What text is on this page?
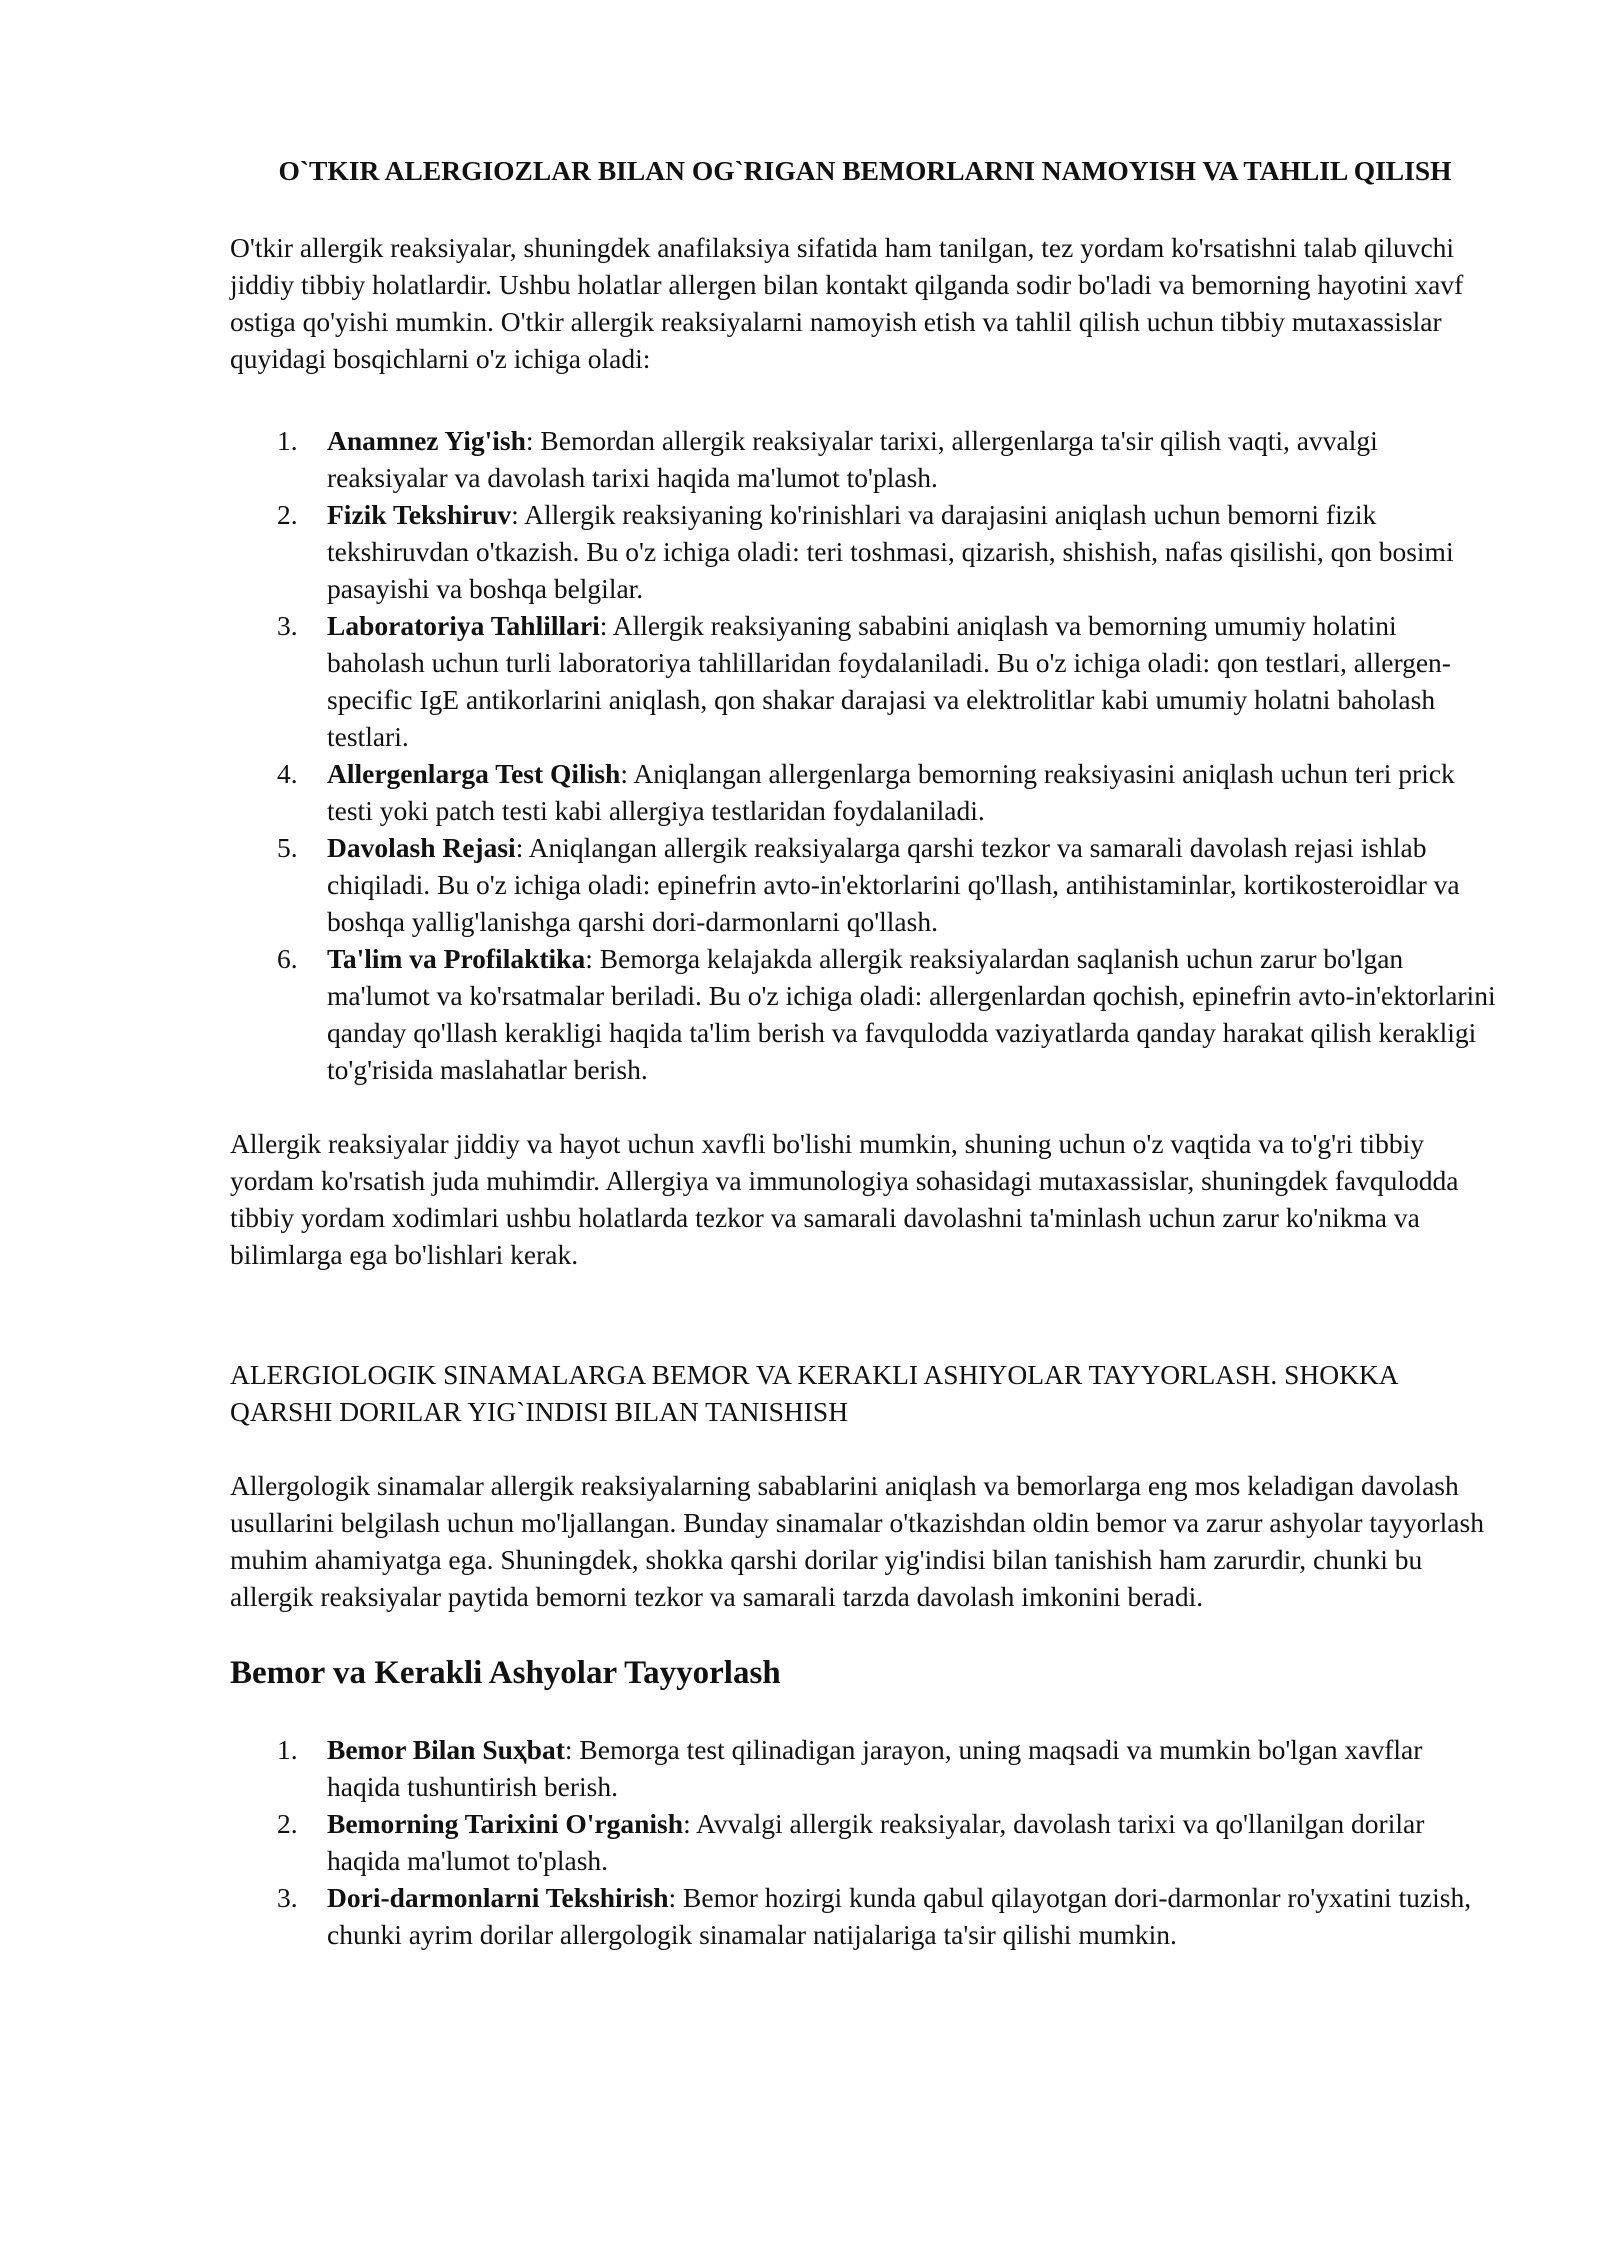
O`TKIR ALERGIOZLAR BILAN OG`RIGAN BEMORLARNI NAMOYISH VA TAHLIL QILISH

O'tkir allergik reaksiyalar, shuningdek anafilaksiya sifatida ham tanilgan, tez yordam ko'rsatishni talab qiluvchi jiddiy tibbiy holatlardir. Ushbu holatlar allergen bilan kontakt qilganda sodir bo'ladi va bemorning hayotini xavf ostiga qo'yishi mumkin. O'tkir allergik reaksiyalarni namoyish etish va tahlil qilish uchun tibbiy mutaxassislar quyidagi bosqichlarni o'z ichiga oladi:

1. Anamnez Yig'ish: Bemordan allergik reaksiyalar tarixi, allergenlarga ta'sir qilish vaqti, avvalgi reaksiyalar va davolash tarixi haqida ma'lumot to'plash.
2. Fizik Tekshiruv: Allergik reaksiyaning ko'rinishlari va darajasini aniqlash uchun bemorni fizik tekshiruvdan o'tkazish. Bu o'z ichiga oladi: teri toshmasi, qizarish, shishish, nafas qisilishi, qon bosimi pasayishi va boshqa belgilar.
3. Laboratoriya Tahlillari: Allergik reaksiyaning sababini aniqlash va bemorning umumiy holatini baholash uchun turli laboratoriya tahlillaridan foydalaniladi. Bu o'z ichiga oladi: qon testlari, allergen-specific IgE antikorlarini aniqlash, qon shakar darajasi va elektrolitlar kabi umumiy holatni baholash testlari.
4. Allergenlarga Test Qilish: Aniqlangan allergenlarga bemorning reaksiyasini aniqlash uchun teri prick testi yoki patch testi kabi allergiya testlaridan foydalaniladi.
5. Davolash Rejasi: Aniqlangan allergik reaksiyalarga qarshi tezkor va samarali davolash rejasi ishlab chiqiladi. Bu o'z ichiga oladi: epinefrin avto-in'ektorlarini qo'llash, antihistaminlar, kortikosteroidlar va boshqa yallig'lanishga qarshi dori-darmonlarni qo'llash.
6. Ta'lim va Profilaktika: Bemorga kelajakda allergik reaksiyalardan saqlanish uchun zarur bo'lgan ma'lumot va ko'rsatmalar beriladi. Bu o'z ichiga oladi: allergenlardan qochish, epinefrin avto-in'ektorlarini qanday qo'llash kerakligi haqida ta'lim berish va favqulodda vaziyatlarda qanday harakat qilish kerakligi to'g'risida maslahatlar berish.

Allergik reaksiyalar jiddiy va hayot uchun xavfli bo'lishi mumkin, shuning uchun o'z vaqtida va to'g'ri tibbiy yordam ko'rsatish juda muhimdir. Allergiya va immunologiya sohasidagi mutaxassislar, shuningdek favqulodda tibbiy yordam xodimlari ushbu holatlarda tezkor va samarali davolashni ta'minlash uchun zarur ko'nikma va bilimlarga ega bo'lishlari kerak.

ALERGIOLOGIK SINAMALARGA BEMOR VA KERAKLI ASHIYOLAR TAYYORLASH. SHOKKA QARSHI DORILAR YIG`INDISI BILAN TANISHISH

Allergologik sinamalar allergik reaksiyalarning sabablarini aniqlash va bemorlarga eng mos keladigan davolash usullarini belgilash uchun mo'ljallangan. Bunday sinamalar o'tkazishdan oldin bemor va zarur ashyolar tayyorlash muhim ahamiyatga ega. Shuningdek, shokka qarshi dorilar yig'indisi bilan tanishish ham zarurdir, chunki bu allergik reaksiyalar paytida bemorni tezkor va samarali tarzda davolash imkonini beradi.

Bemor va Kerakli Ashyolar Tayyorlash
1. Bemor Bilan Suҳbat: Bemorga test qilinadigan jarayon, uning maqsadi va mumkin bo'lgan xavflar haqida tushuntirish berish.
2. Bemorning Tarixini O'rganish: Avvalgi allergik reaksiyalar, davolash tarixi va qo'llanilgan dorilar haqida ma'lumot to'plash.
3. Dori-darmonlarni Tekshirish: Bemor hozirgi kunda qabul qilayotgan dori-darmonlar ro'yxatini tuzish, chunki ayrim dorilar allergologik sinamalar natijalariga ta'sir qilishi mumkin.
